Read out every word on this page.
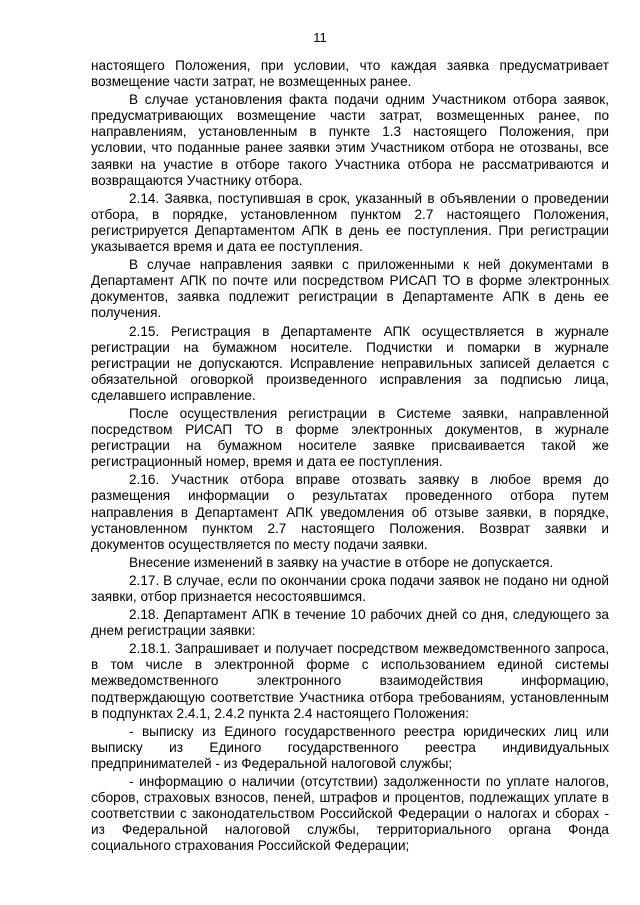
11

настоящего Положения, при условии, что каждая заявка предусматривает возмещение части затрат, не возмещенных ранее.

В случае установления факта подачи одним Участником отбора заявок, предусматривающих возмещение части затрат, возмещенных ранее, по направлениям, установленным в пункте 1.3 настоящего Положения, при условии, что поданные ранее заявки этим Участником отбора не отозваны, все заявки на участие в отборе такого Участника отбора не рассматриваются и возвращаются Участнику отбора.

2.14. Заявка, поступившая в срок, указанный в объявлении о проведении отбора, в порядке, установленном пунктом 2.7 настоящего Положения, регистрируется Департаментом АПК в день ее поступления. При регистрации указывается время и дата ее поступления.

В случае направления заявки с приложенными к ней документами в Департамент АПК по почте или посредством РИСАП ТО в форме электронных документов, заявка подлежит регистрации в Департаменте АПК в день ее получения.

2.15. Регистрация в Департаменте АПК осуществляется в журнале регистрации на бумажном носителе. Подчистки и помарки в журнале регистрации не допускаются. Исправление неправильных записей делается с обязательной оговоркой произведенного исправления за подписью лица, сделавшего исправление.

После осуществления регистрации в Системе заявки, направленной посредством РИСАП ТО в форме электронных документов, в журнале регистрации на бумажном носителе заявке присваивается такой же регистрационный номер, время и дата ее поступления.

2.16. Участник отбора вправе отозвать заявку в любое время до размещения информации о результатах проведенного отбора путем направления в Департамент АПК уведомления об отзыве заявки, в порядке, установленном пунктом 2.7 настоящего Положения. Возврат заявки и документов осуществляется по месту подачи заявки.

Внесение изменений в заявку на участие в отборе не допускается.

2.17. В случае, если по окончании срока подачи заявок не подано ни одной заявки, отбор признается несостоявшимся.

2.18. Департамент АПК в течение 10 рабочих дней со дня, следующего за днем регистрации заявки:

2.18.1. Запрашивает и получает посредством межведомственного запроса, в том числе в электронной форме с использованием единой системы межведомственного электронного взаимодействия информацию, подтверждающую соответствие Участника отбора требованиям, установленным в подпунктах 2.4.1, 2.4.2 пункта 2.4 настоящего Положения:

- выписку из Единого государственного реестра юридических лиц или выписку из Единого государственного реестра индивидуальных предпринимателей - из Федеральной налоговой службы;

- информацию о наличии (отсутствии) задолженности по уплате налогов, сборов, страховых взносов, пеней, штрафов и процентов, подлежащих уплате в соответствии с законодательством Российской Федерации о налогах и сборах - из Федеральной налоговой службы, территориального органа Фонда социального страхования Российской Федерации;
